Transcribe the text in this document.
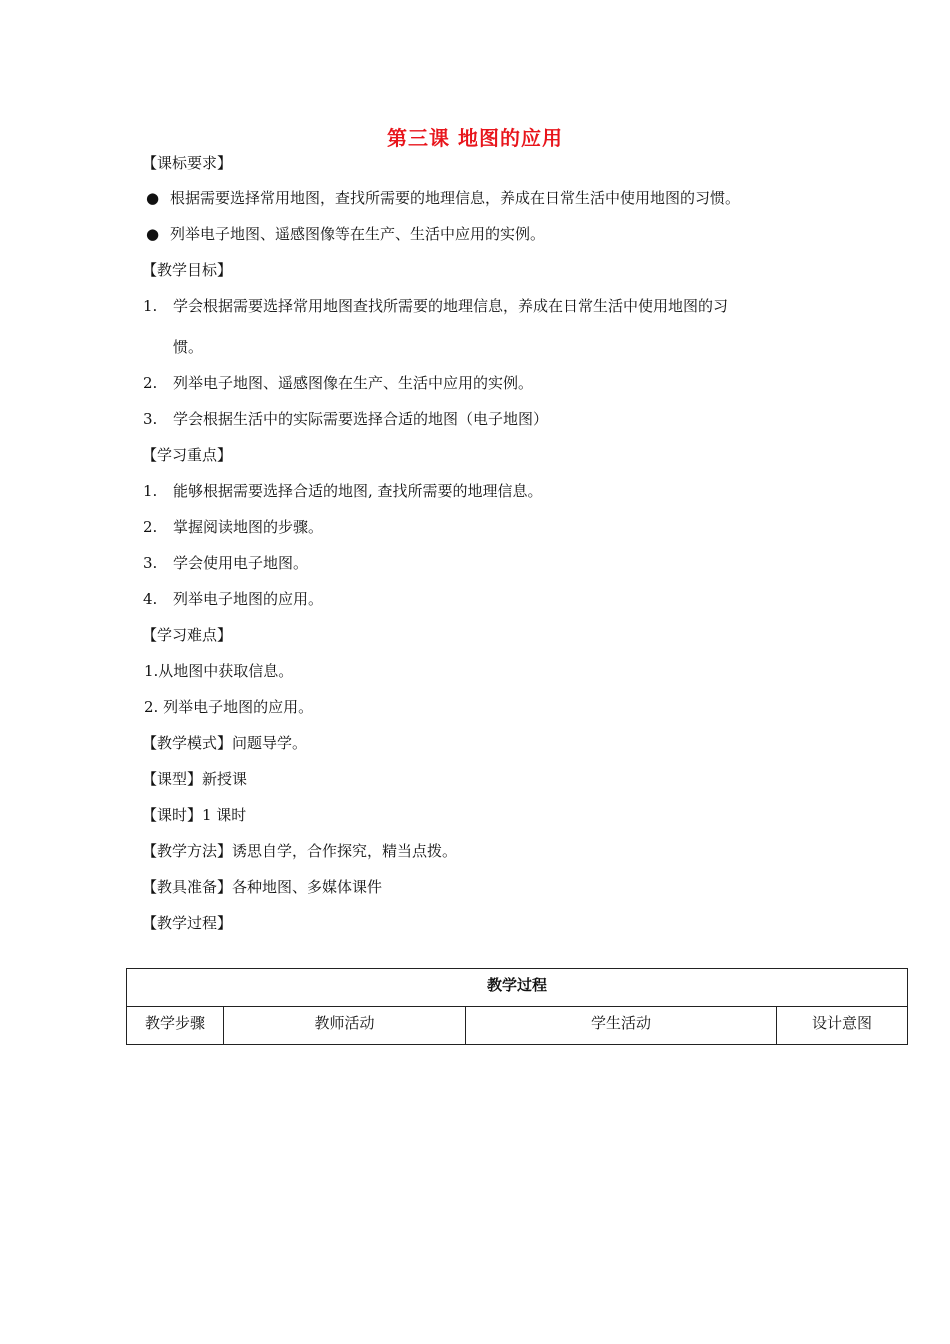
第三课 地图的应用
【课标要求】
● 根据需要选择常用地图，查找所需要的地理信息，养成在日常生活中使用地图的习惯。
● 列举电子地图、遥感图像等在生产、生活中应用的实例。
【教学目标】
1. 学会根据需要选择常用地图查找所需要的地理信息，养成在日常生活中使用地图的习
惯。
2. 列举电子地图、遥感图像在生产、生活中应用的实例。
3. 学会根据生活中的实际需要选择合适的地图（电子地图）
【学习重点】
1. 能够根据需要选择合适的地图, 查找所需要的地理信息。
2. 掌握阅读地图的步骤。
3. 学会使用电子地图。
4. 列举电子地图的应用。
【学习难点】
1.从地图中获取信息。
2. 列举电子地图的应用。
【教学模式】问题导学。
【课型】新授课
【课时】1 课时
【教学方法】诱思自学，合作探究，精当点拨。
【教具准备】各种地图、多媒体课件
【教学过程】
教学过程
教学步骤	教师活动	学生活动	设计意图
